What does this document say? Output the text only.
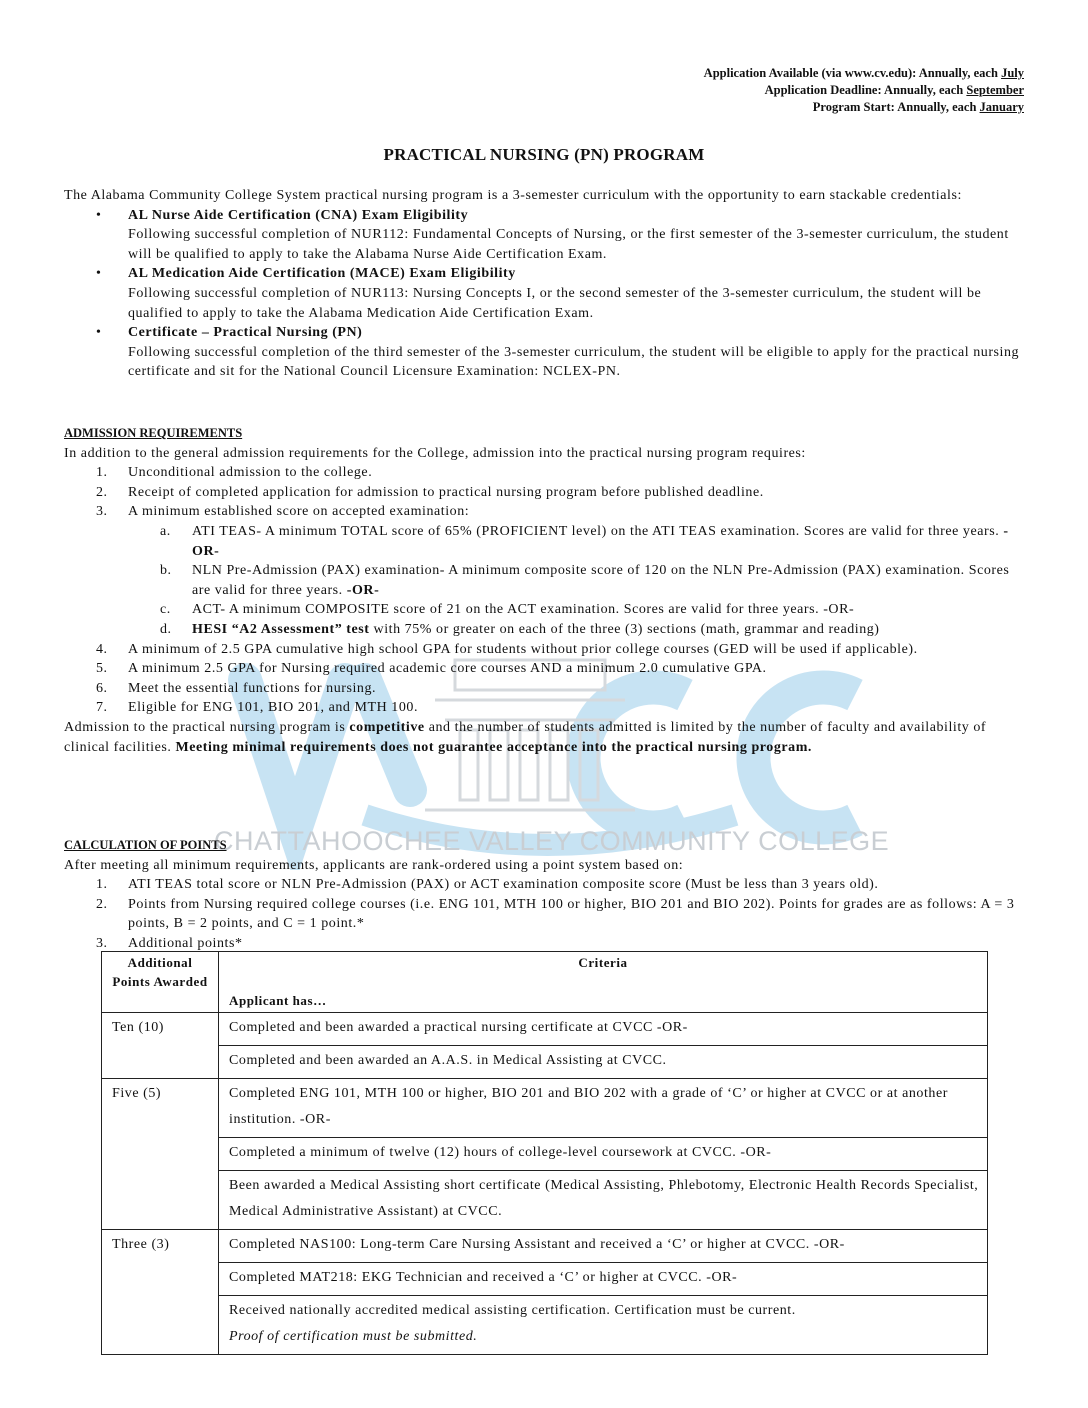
CHATTAHOOCHEE VALLEY COMMUNITY COLLEGE
Application Available (via www.cv.edu): Annually, each July
Application Deadline: Annually, each September
Program Start: Annually, each January
PRACTICAL NURSING (PN) PROGRAM
The Alabama Community College System practical nursing program is a 3-semester curriculum with the opportunity to earn stackable credentials:
• AL Nurse Aide Certification (CNA) Exam Eligibility
Following successful completion of NUR112: Fundamental Concepts of Nursing, or the first semester of the 3-semester curriculum, the student will be qualified to apply to take the Alabama Nurse Aide Certification Exam.
• AL Medication Aide Certification (MACE) Exam Eligibility
Following successful completion of NUR113: Nursing Concepts I, or the second semester of the 3-semester curriculum, the student will be qualified to apply to take the Alabama Medication Aide Certification Exam.
• Certificate – Practical Nursing (PN)
Following successful completion of the third semester of the 3-semester curriculum, the student will be eligible to apply for the practical nursing certificate and sit for the National Council Licensure Examination: NCLEX-PN.
ADMISSION REQUIREMENTS
In addition to the general admission requirements for the College, admission into the practical nursing program requires:
1. Unconditional admission to the college.
2. Receipt of completed application for admission to practical nursing program before published deadline.
3. A minimum established score on accepted examination:
a. ATI TEAS- A minimum TOTAL score of 65% (PROFICIENT level) on the ATI TEAS examination. Scores are valid for three years. -OR-
b. NLN Pre-Admission (PAX) examination- A minimum composite score of 120 on the NLN Pre-Admission (PAX) examination. Scores are valid for three years. -OR-
c. ACT- A minimum COMPOSITE score of 21 on the ACT examination. Scores are valid for three years. -OR-
d. HESI “A2 Assessment” test with 75% or greater on each of the three (3) sections (math, grammar and reading)
4. A minimum of 2.5 GPA cumulative high school GPA for students without prior college courses (GED will be used if applicable).
5. A minimum 2.5 GPA for Nursing required academic core courses AND a minimum 2.0 cumulative GPA.
6. Meet the essential functions for nursing.
7. Eligible for ENG 101, BIO 201, and MTH 100.
Admission to the practical nursing program is competitive and the number of students admitted is limited by the number of faculty and availability of clinical facilities. Meeting minimal requirements does not guarantee acceptance into the practical nursing program.
CALCULATION OF POINTS
After meeting all minimum requirements, applicants are rank-ordered using a point system based on:
1. ATI TEAS total score or NLN Pre-Admission (PAX) or ACT examination composite score (Must be less than 3 years old).
2. Points from Nursing required college courses (i.e. ENG 101, MTH 100 or higher, BIO 201 and BIO 202). Points for grades are as follows: A = 3 points, B = 2 points, and C = 1 point.*
3. Additional points*
Additional Points Awarded	Criteria
Applicant has…

Ten (10)	Completed and been awarded a practical nursing certificate at CVCC -OR-
	Completed and been awarded an A.A.S. in Medical Assisting at CVCC.
Five (5)	Completed ENG 101, MTH 100 or higher, BIO 201 and BIO 202 with a grade of ‘C’ or higher at CVCC or at another institution. -OR-
	Completed a minimum of twelve (12) hours of college-level coursework at CVCC. -OR-
	Been awarded a Medical Assisting short certificate (Medical Assisting, Phlebotomy, Electronic Health Records Specialist, Medical Administrative Assistant) at CVCC.
Three (3)	Completed NAS100: Long-term Care Nursing Assistant and received a ‘C’ or higher at CVCC. -OR-
	Completed MAT218: EKG Technician and received a ‘C’ or higher at CVCC. -OR-
	Received nationally accredited medical assisting certification. Certification must be current.
Proof of certification must be submitted.
